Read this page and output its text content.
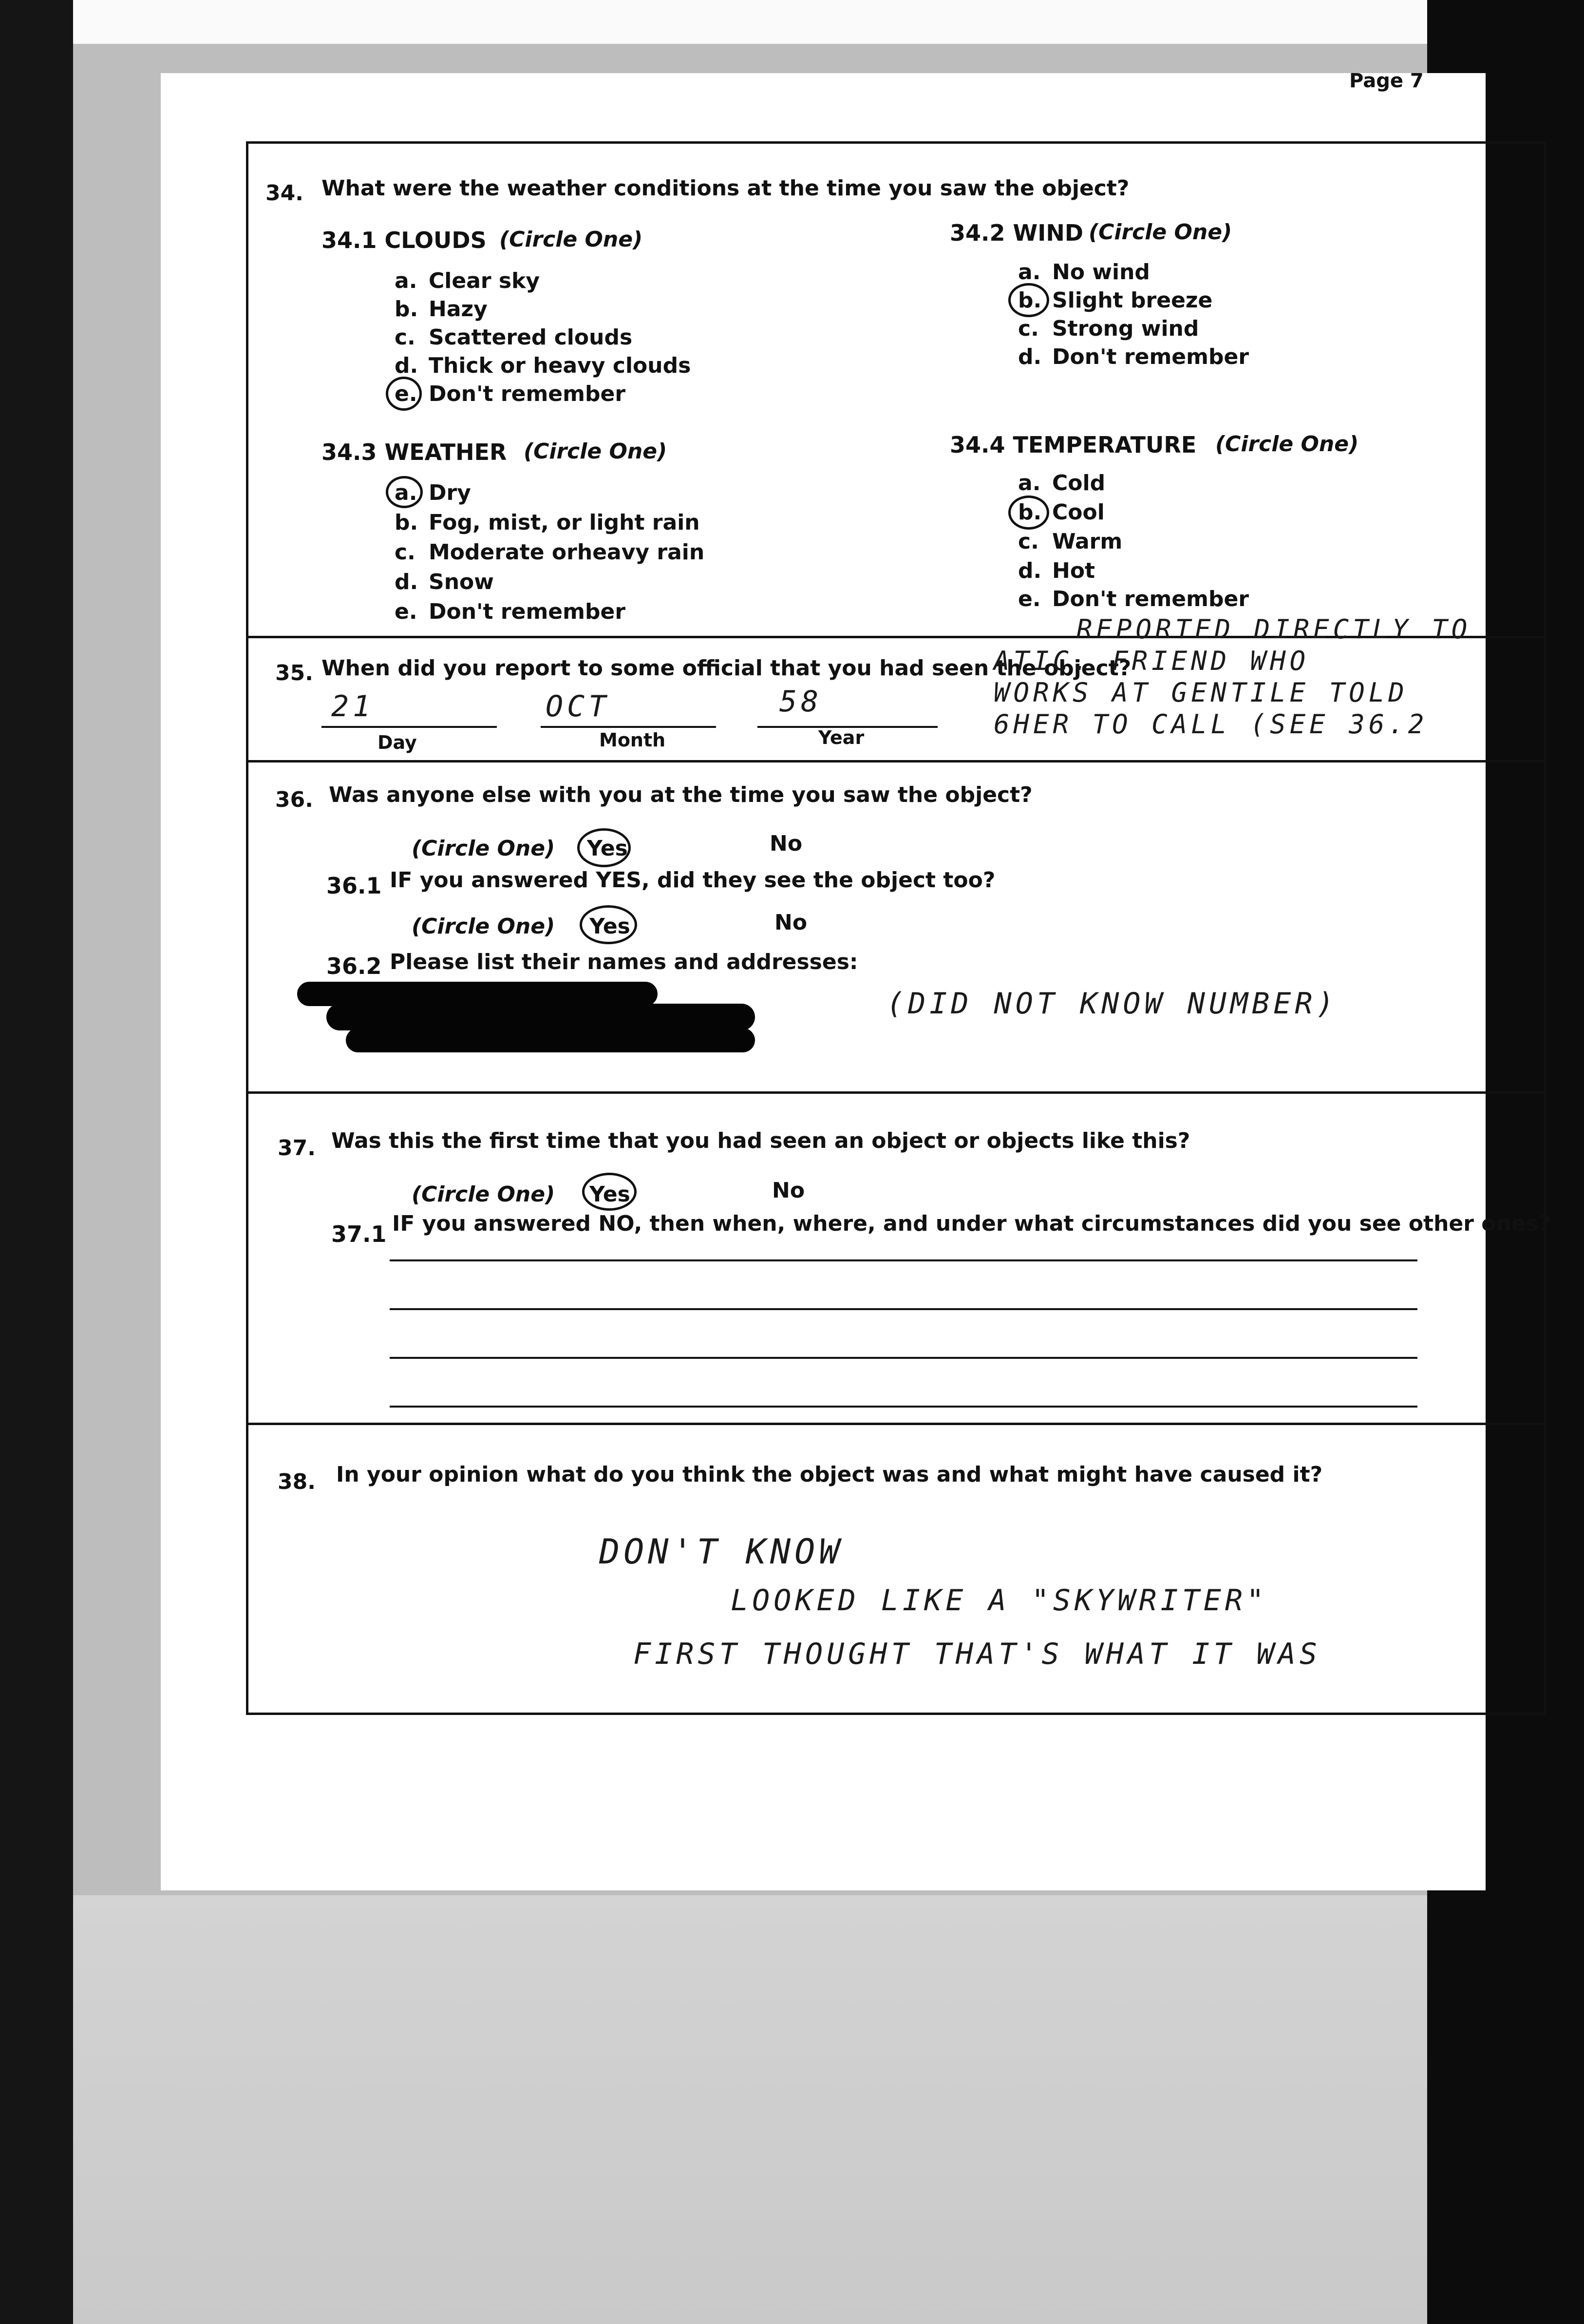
Page 7
34. What were the weather conditions at the time you saw the object?
34.1 CLOUDS (Circle One)
a. Clear sky
b. Hazy
c. Scattered clouds
d. Thick or heavy clouds
e. Don't remember
34.2 WIND (Circle One)
a. No wind
b. Slight breeze
c. Strong wind
d. Don't remember
34.3 WEATHER (Circle One)
a. Dry
b. Fog, mist, or light rain
c. Moderate orheavy rain
d. Snow
e. Don't remember
34.4 TEMPERATURE (Circle One)
a. Cold
b. Cool
c. Warm
d. Hot
e. Don't remember
35. When did you report to some official that you had seen the object?
21	OCT	58
Day	Month	Year
REPORTED DIRECTLY TO
ATIC. FRIEND WHO
WORKS AT GENTILE TOLD
6HER TO CALL (SEE 36.2
36. Was anyone else with you at the time you saw the object?
(Circle One) Yes	No
36.1 IF you answered YES, did they see the object too?
(Circle One) Yes	No
36.2 Please list their names and addresses:
(DID NOT KNOW NUMBER)
37. Was this the first time that you had seen an object or objects like this?
(Circle One) Yes	No
37.1 IF you answered NO, then when, where, and under what circumstances did you see other ones?
38. In your opinion what do you think the object was and what might have caused it?
DON'T KNOW
LOOKED LIKE A "SKYWRITER"
FIRST THOUGHT THAT'S WHAT IT WAS
